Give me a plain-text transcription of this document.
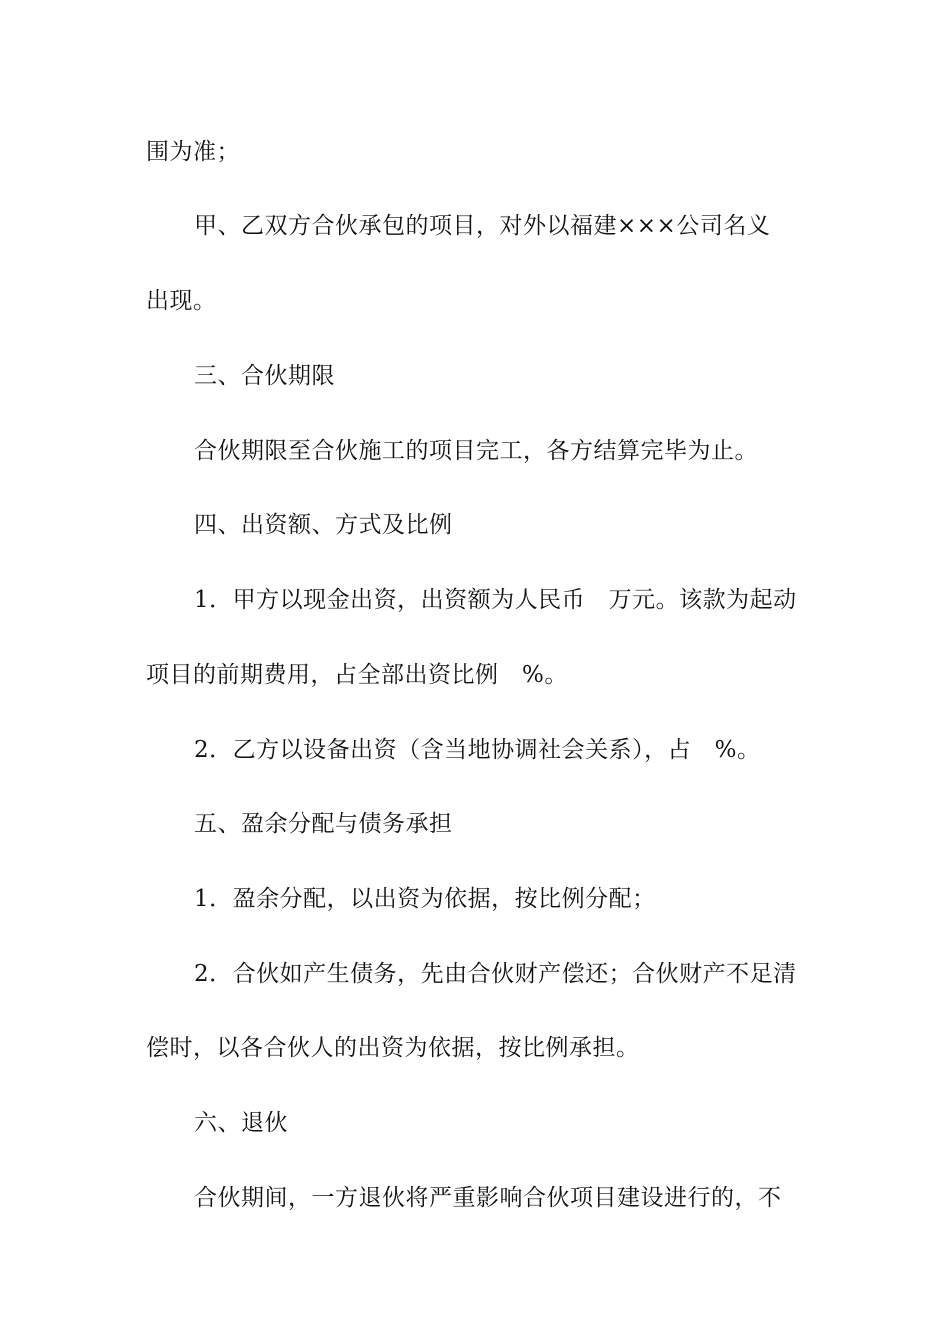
围为准；
甲、乙双方合伙承包的项目，对外以福建×××公司名义
出现。
三、合伙期限
合伙期限至合伙施工的项目完工，各方结算完毕为止。
四、出资额、方式及比例
1．甲方以现金出资，出资额为人民币　万元。该款为起动
项目的前期费用，占全部出资比例　%。
2．乙方以设备出资（含当地协调社会关系），占　%。
五、盈余分配与债务承担
1．盈余分配，以出资为依据，按比例分配；
2．合伙如产生债务，先由合伙财产偿还；合伙财产不足清
偿时，以各合伙人的出资为依据，按比例承担。
六、退伙
合伙期间，一方退伙将严重影响合伙项目建设进行的，不
